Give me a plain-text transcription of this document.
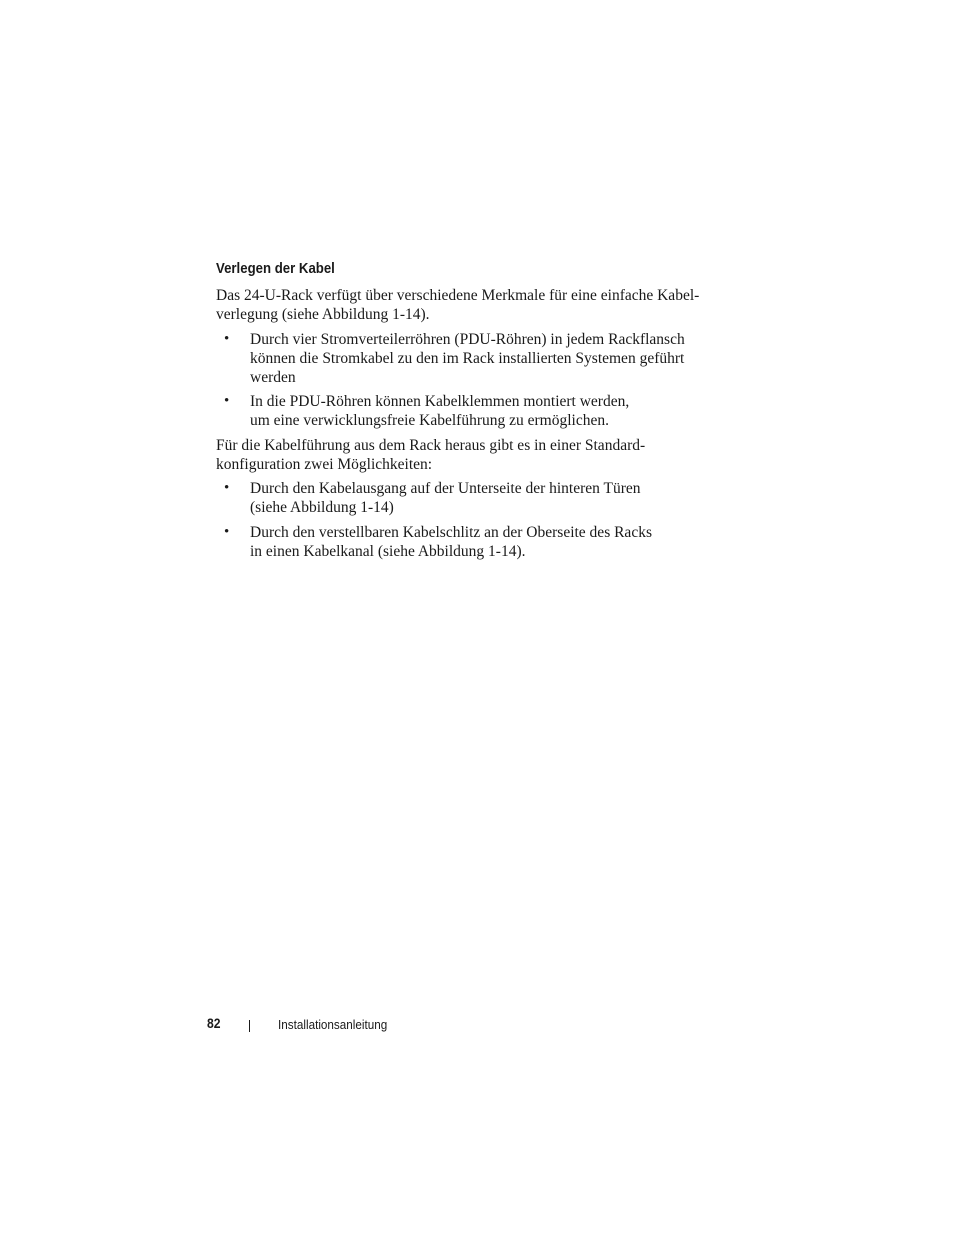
Verlegen der Kabel
Das 24-U-Rack verfügt über verschiedene Merkmale für eine einfache Kabel-
verlegung (siehe Abbildung 1-14).
• Durch vier Stromverteilerröhren (PDU-Röhren) in jedem Rackflansch
können die Stromkabel zu den im Rack installierten Systemen geführt
werden
• In die PDU-Röhren können Kabelklemmen montiert werden,
um eine verwicklungsfreie Kabelführung zu ermöglichen.
Für die Kabelführung aus dem Rack heraus gibt es in einer Standard-
konfiguration zwei Möglichkeiten:
• Durch den Kabelausgang auf der Unterseite der hinteren Türen
(siehe Abbildung 1-14)
• Durch den verstellbaren Kabelschlitz an der Oberseite des Racks
in einen Kabelkanal (siehe Abbildung 1-14).
82	Installationsanleitung
